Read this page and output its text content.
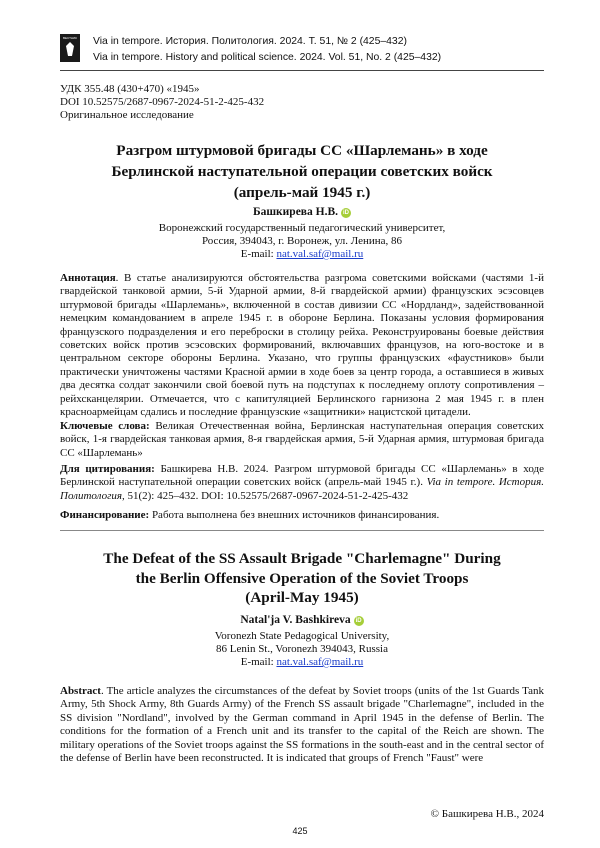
ВЕСТНИК Via in tempore. История. Политология. 2024. Т. 51, № 2 (425–432)
Via in tempore. History and political science. 2024. Vol. 51, No. 2 (425–432)
УДК 355.48 (430+470) «1945»
DOI 10.52575/2687-0967-2024-51-2-425-432
Оригинальное исследование
Разгром штурмовой бригады СС «Шарлемань» в ходе
Берлинской наступательной операции советских войск
(апрель-май 1945 г.)
Башкирева Н.В. iD
Воронежский государственный педагогический университет,
Россия, 394043, г. Воронеж, ул. Ленина, 86
E-mail: nat.val.saf@mail.ru
Аннотация. В статье анализируются обстоятельства разгрома советскими войсками (частями 1-й гвардейской танковой армии, 5-й Ударной армии, 8-й гвардейской армии) французских эсэсовцев штурмовой бригады «Шарлемань», включенной в состав дивизии СС «Нордланд», задействованной немецким командованием в апреле 1945 г. в обороне Берлина. Показаны условия формирования французского подразделения и его переброски в столицу рейха. Реконструированы боевые действия советских войск против эсэсовских формирований, включавших французов, на юго-востоке и в центральном секторе обороны Берлина. Указано, что группы французских «фаустников» были практически уничтожены частями Красной армии в ходе боев за центр города, а оставшиеся в живых два десятка солдат закончили свой боевой путь на подступах к последнему оплоту сопротивления – рейхсканцелярии. Отмечается, что с капитуляцией Берлинского гарнизона 2 мая 1945 г. в плен красноармейцам сдались и последние французские «защитники» нацистской цитадели.
Ключевые слова: Великая Отечественная война, Берлинская наступательная операция советских войск, 1-я гвардейская танковая армия, 8-я гвардейская армия, 5-й Ударная армия, штурмовая бригада СС «Шарлемань»
Для цитирования: Башкирева Н.В. 2024. Разгром штурмовой бригады СС «Шарлемань» в ходе Берлинской наступательной операции советских войск (апрель-май 1945 г.). Via in tempore. История. Политология, 51(2): 425–432. DOI: 10.52575/2687-0967-2024-51-2-425-432
Финансирование: Работа выполнена без внешних источников финансирования.
The Defeat of the SS Assault Brigade "Charlemagne" During
the Berlin Offensive Operation of the Soviet Troops
(April-May 1945)
Natal'ja V. Bashkireva iD
Voronezh State Pedagogical University,
86 Lenin St., Voronezh 394043, Russia
E-mail: nat.val.saf@mail.ru
Abstract. The article analyzes the circumstances of the defeat by Soviet troops (units of the 1st Guards Tank Army, 5th Shock Army, 8th Guards Army) of the French SS assault brigade "Charlemagne", included in the SS division "Nordland", involved by the German command in April 1945 in the defense of Berlin. The conditions for the formation of a French unit and its transfer to the capital of the Reich are shown. The military operations of the Soviet troops against the SS formations in the south-east and in the central sector of the defense of Berlin have been reconstructed. It is indicated that groups of French "Faust" were
© Башкирева Н.В., 2024
425
